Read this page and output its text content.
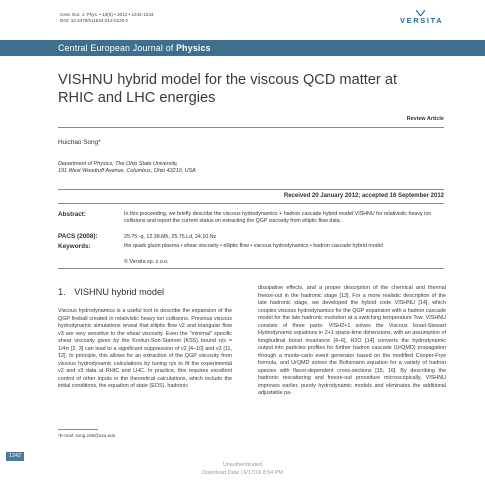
Cent. Eur. J. Phys. • 10(6) • 2012 • 1242-1244
DOI: 10.2478/s11534-012-0130-z	VERSITA
Central European Journal of Physics
VISHNU hybrid model for the viscous QCD matter at RHIC and LHC energies
Review Article
Huichao Song*
Department of Physics, The Ohio State University,
191 West Woodruff Avenue, Columbus, Ohio 43210, USA
Received 20 January 2012; accepted 16 September 2012
Abstract:	In this proceeding, we briefly describe the viscous hydrodynamics + hadron cascade hybrid model VISHNU for relativistic heavy ion collisions and report the current status on extracting the QGP viscosity from elliptic flow data.
PACS (2008):	25.75.-q, 12.38.Mh, 25.75.Ld, 24.10.Nz
Keywords:	the quark gluon plasma • shear viscosity • elliptic flow • viscous hydrodynamics • hadron cascade hybrid model
© Versita sp. z o.o.
1. VISHNU hybrid model
Viscous hydrodynamics is a useful tool to describe the expansion of the QGP fireball created in relativistic heavy ion collisions. Previous viscous hydrodynamic simulations reveal that elliptic flow v2 and triangular flow v3 are very sensitive to the shear viscosity. Even the "minimal" specific shear viscosity given by the Kovtun-Son-Starinet (KSS) bound η/s = 1/4π [2, 3] can lead to a significant suppression of v2 [4–10] and v3 [11, 12]. In principle, this allows for an extraction of the QGP viscosity from viscous hydrodynamic calculations by tuning η/s to fit the experimental v2 and v3 data at RHIC and LHC. In practice, this requires excellent control of other inputs in the theoretical calculations, which include the initial conditions, the equation of state (EOS), hadronic
dissipative effects, and a proper description of the chemical and thermal freeze-out in the hadronic stage [13]. For a more realistic description of the late hadronic stage, we developed the hybrid code VISHNU [14], which couples viscous hydrodynamics for the QGP expansion with a hadron cascade model for the late hadronic evolution at a switching temperature Tsw. VISHNU consists of three parts: VISH2+1 solves the Viscous Israel-Stewart Hydrodynamic equations in 2+1 space-time dimensions, with an assumption of longitudinal boost invariance [4–6], H2O [14] converts the hydrodynamic output into particles profiles for further hadron cascade (UrQMD) propagation through a monte-carlo event generator based on the modified Cooper-Frye formula, and UrQMD solves the Boltzmann equation for a variety of hadron species with flavor-dependent cross-sections [15, 16]. By describing the hadronic rescattering and freeze-out procedure microscopically, VISHNU improves earlier, purely hydrodynamic models and eliminates the additional adjustable pa-
*E-mail: song.199@osu.edu
1242
Unauthenticated
Download Date | 6/17/16 8:54 PM
